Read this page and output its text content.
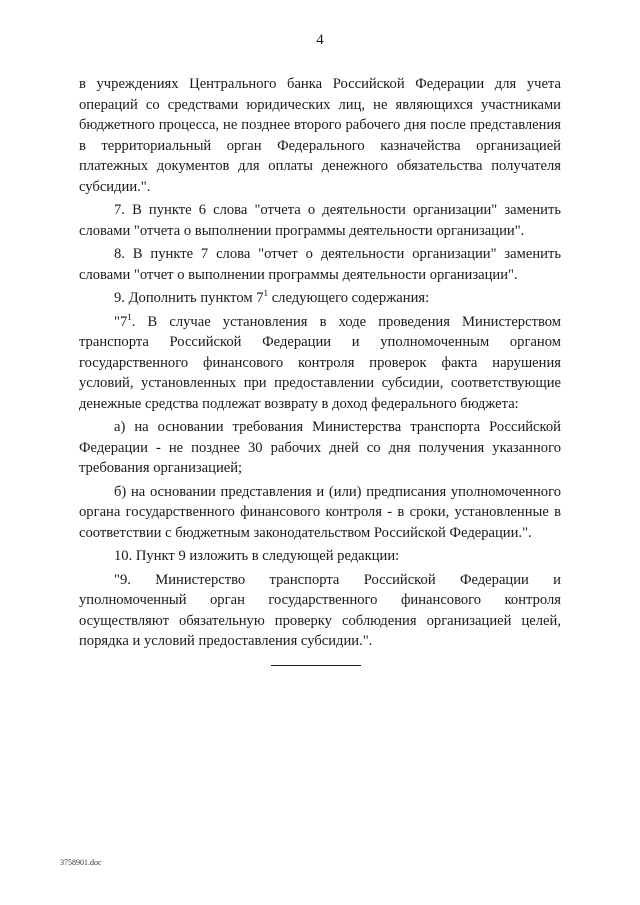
4

в учреждениях Центрального банка Российской Федерации для учета операций со средствами юридических лиц, не являющихся участниками бюджетного процесса, не позднее второго рабочего дня после представления в территориальный орган Федерального казначейства организацией платежных документов для оплаты денежного обязательства получателя субсидии.".

7. В пункте 6 слова "отчета о деятельности организации" заменить словами "отчета о выполнении программы деятельности организации".

8. В пункте 7 слова "отчет о деятельности организации" заменить словами "отчет о выполнении программы деятельности организации".

9. Дополнить пунктом $7^1$ следующего содержания:

"$7^1$. В случае установления в ходе проведения Министерством транспорта Российской Федерации и уполномоченным органом государственного финансового контроля проверок факта нарушения условий, установленных при предоставлении субсидии, соответствующие денежные средства подлежат возврату в доход федерального бюджета:

а) на основании требования Министерства транспорта Российской Федерации - не позднее 30 рабочих дней со дня получения указанного требования организацией;

б) на основании представления и (или) предписания уполномоченного органа государственного финансового контроля - в сроки, установленные в соответствии с бюджетным законодательством Российской Федерации.".

10. Пункт 9 изложить в следующей редакции:

"9. Министерство транспорта Российской Федерации и уполномоченный орган государственного финансового контроля осуществляют обязательную проверку соблюдения организацией целей, порядка и условий предоставления субсидии.".

3758901.doc
